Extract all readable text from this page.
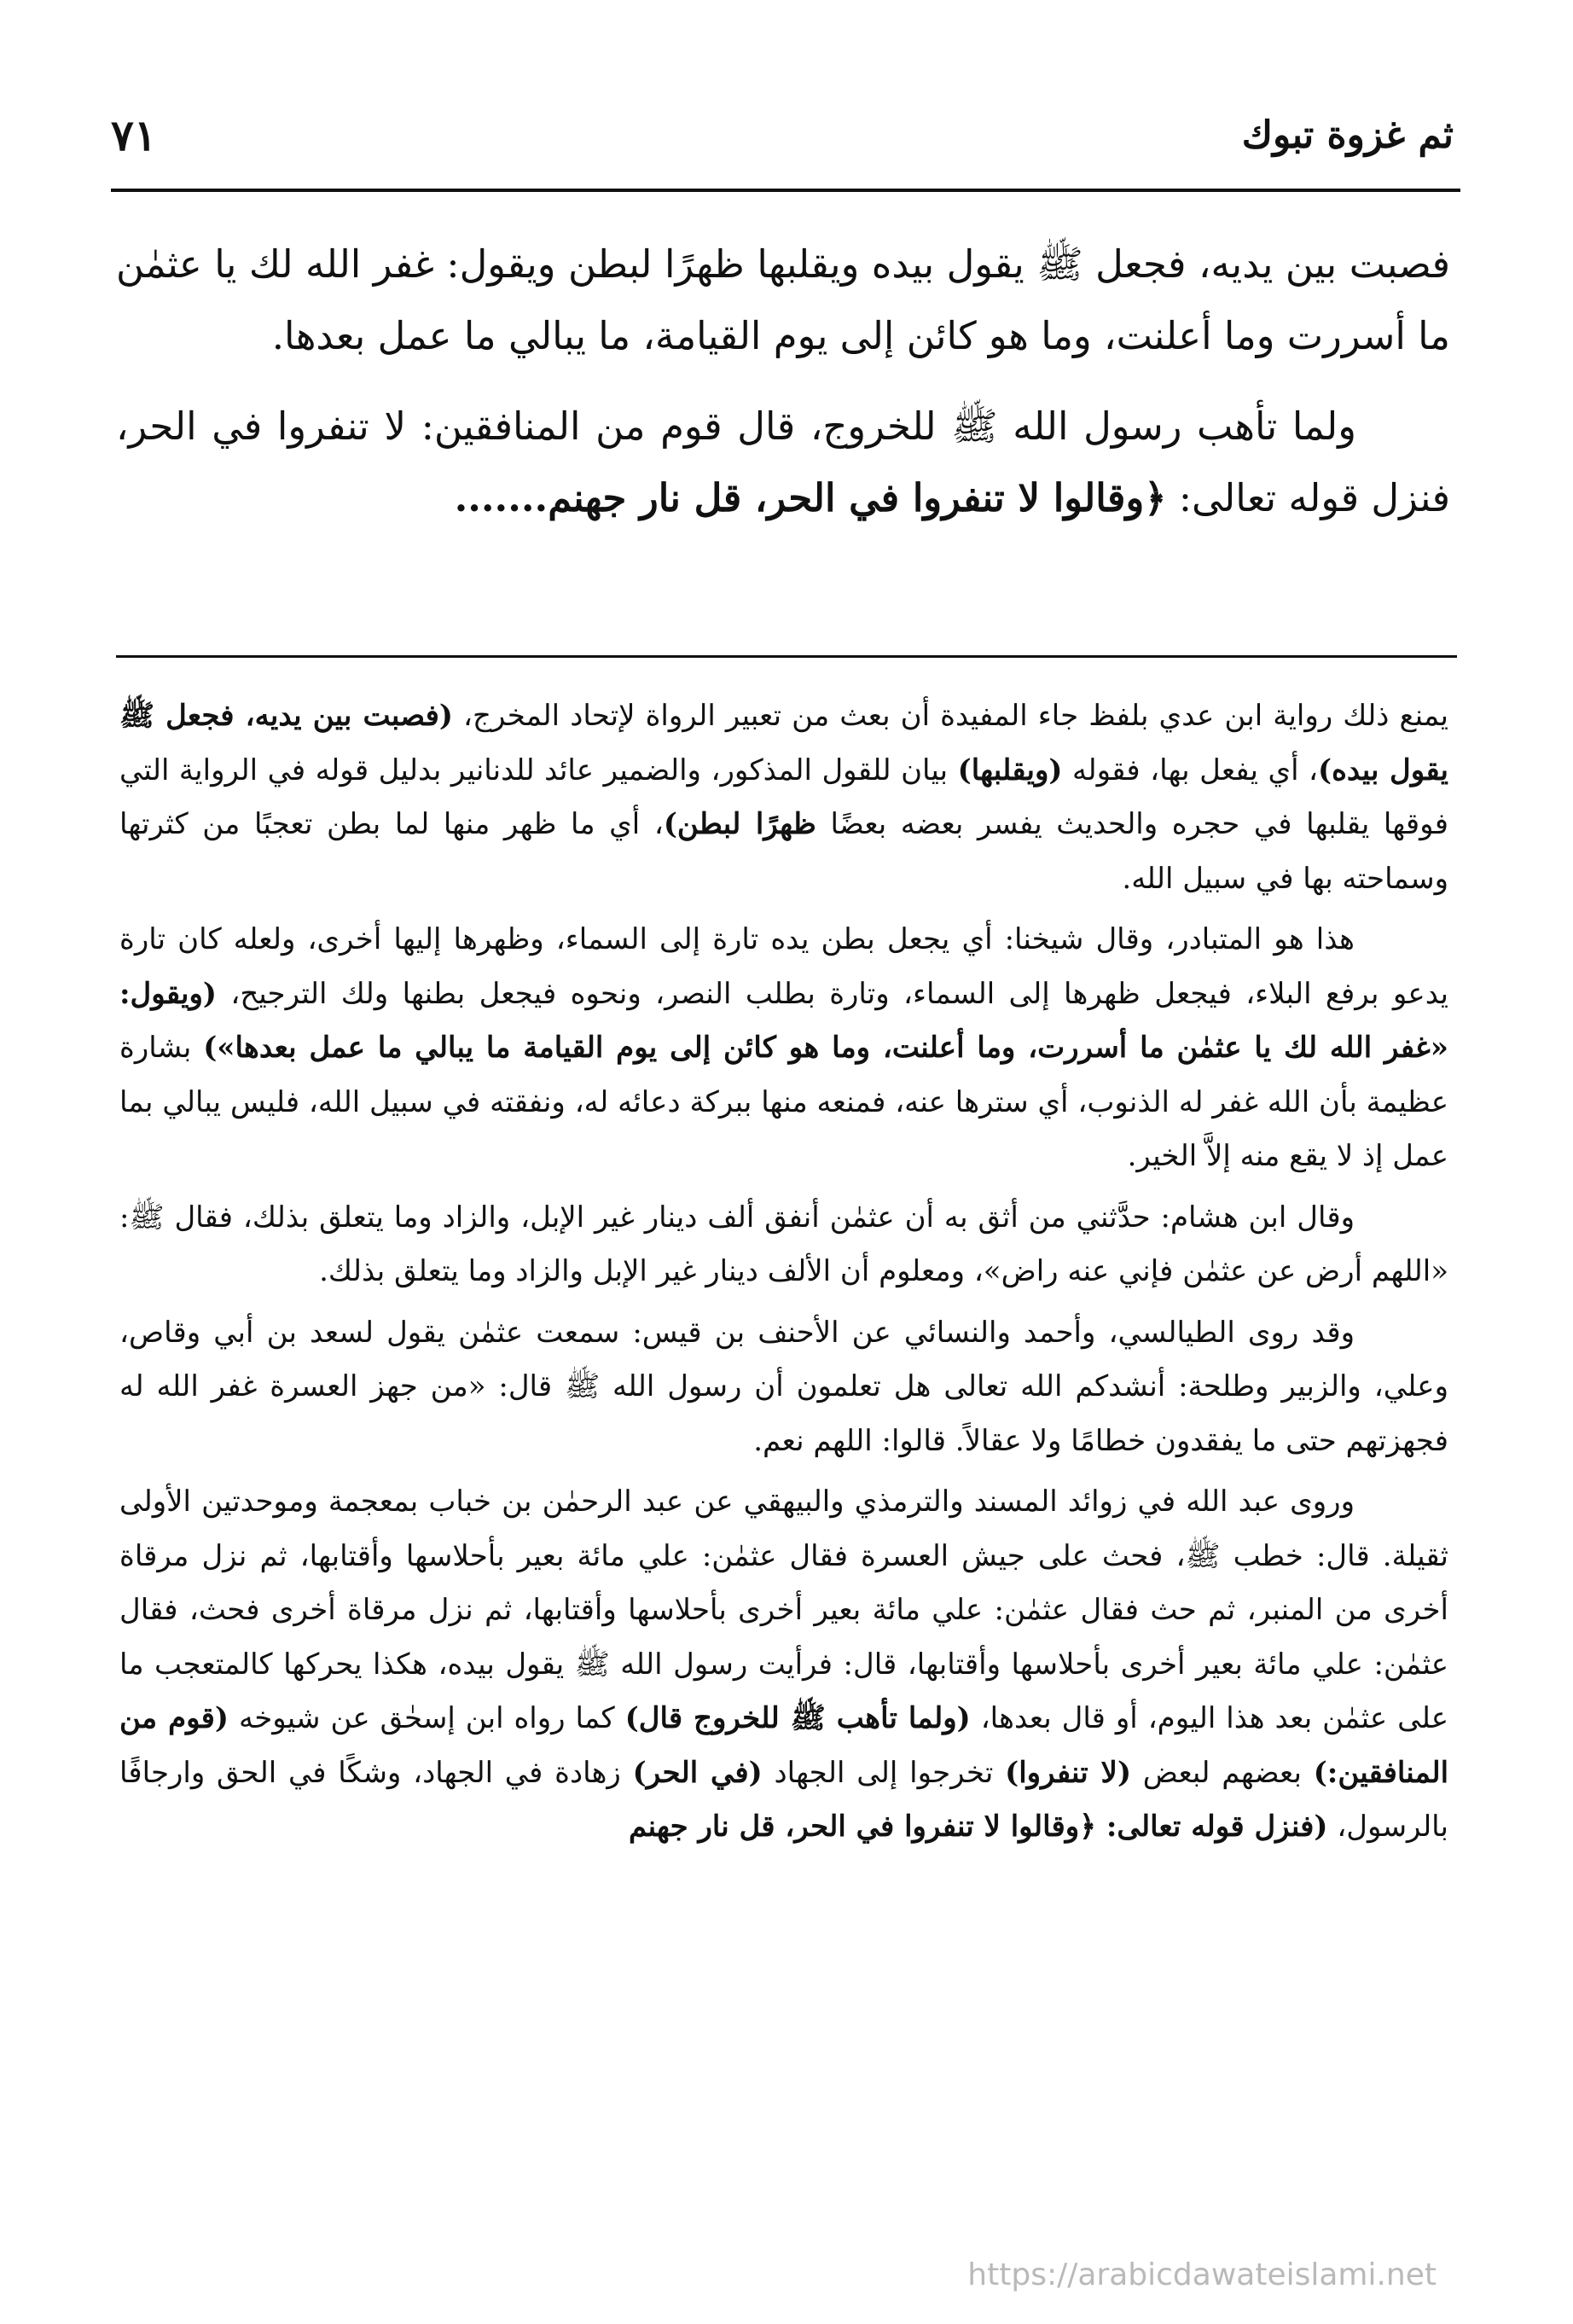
ثم غزوة تبوك
٧١

فصبت بين يديه، فجعل ﷺ يقول بيده ويقلبها ظهرًا لبطن ويقول: غفر الله لك يا عثمٰن ما أسررت وما أعلنت، وما هو كائن إلى يوم القيامة، ما يبالي ما عمل بعدها.

ولما تأهب رسول الله ﷺ للخروج، قال قوم من المنافقين: لا تنفروا في الحر، فنزل قوله تعالى: ﴿وقالوا لا تنفروا في الحر، قل نار جهنم.......

يمنع ذلك رواية ابن عدي بلفظ جاء المفيدة أن بعث من تعبير الرواة لإتحاد المخرج، (فصبت بين يديه، فجعل ﷺ يقول بيده)، أي يفعل بها، فقوله (ويقلبها) بيان للقول المذكور، والضمير عائد للدنانير بدليل قوله في الرواية التي فوقها يقلبها في حجره والحديث يفسر بعضه بعضًا ظهرًا لبطن)، أي ما ظهر منها لما بطن تعجبًا من كثرتها وسماحته بها في سبيل الله.

هذا هو المتبادر، وقال شيخنا: أي يجعل بطن يده تارة إلى السماء، وظهرها إليها أخرى، ولعله كان تارة يدعو برفع البلاء، فيجعل ظهرها إلى السماء، وتارة بطلب النصر، ونحوه فيجعل بطنها ولك الترجيح، (ويقول: «غفر الله لك يا عثمٰن ما أسررت، وما أعلنت، وما هو كائن إلى يوم القيامة ما يبالي ما عمل بعدها») بشارة عظيمة بأن الله غفر له الذنوب، أي سترها عنه، فمنعه منها ببركة دعائه له، ونفقته في سبيل الله، فليس يبالي بما عمل إذ لا يقع منه إلاَّ الخير.

وقال ابن هشام: حدَّثني من أثق به أن عثمٰن أنفق ألف دينار غير الإبل، والزاد وما يتعلق بذلك، فقال ﷺ: «اللهم أرض عن عثمٰن فإني عنه راض»، ومعلوم أن الألف دينار غير الإبل والزاد وما يتعلق بذلك.

وقد روى الطيالسي، وأحمد والنسائي عن الأحنف بن قيس: سمعت عثمٰن يقول لسعد بن أبي وقاص، وعلي، والزبير وطلحة: أنشدكم الله تعالى هل تعلمون أن رسول الله ﷺ قال: «من جهز العسرة غفر الله له فجهزتهم حتى ما يفقدون خطامًا ولا عقالاً. قالوا: اللهم نعم.

وروى عبد الله في زوائد المسند والترمذي والبيهقي عن عبد الرحمٰن بن خباب بمعجمة وموحدتين الأولى ثقيلة. قال: خطب ﷺ، فحث على جيش العسرة فقال عثمٰن: علي مائة بعير بأحلاسها وأقتابها، ثم نزل مرقاة أخرى من المنبر، ثم حث فقال عثمٰن: علي مائة بعير أخرى بأحلاسها وأقتابها، ثم نزل مرقاة أخرى فحث، فقال عثمٰن: علي مائة بعير أخرى بأحلاسها وأقتابها، قال: فرأيت رسول الله ﷺ يقول بيده، هكذا يحركها كالمتعجب ما على عثمٰن بعد هذا اليوم، أو قال بعدها، (ولما تأهب ﷺ للخروج قال) كما رواه ابن إسحٰق عن شيوخه (قوم من المنافقين:) بعضهم لبعض (لا تنفروا) تخرجوا إلى الجهاد (في الحر) زهادة في الجهاد، وشكًا في الحق وارجافًا بالرسول، (فنزل قوله تعالى: ﴿وقالوا لا تنفروا في الحر، قل نار جهنم

https://arabicdawateislami.net
